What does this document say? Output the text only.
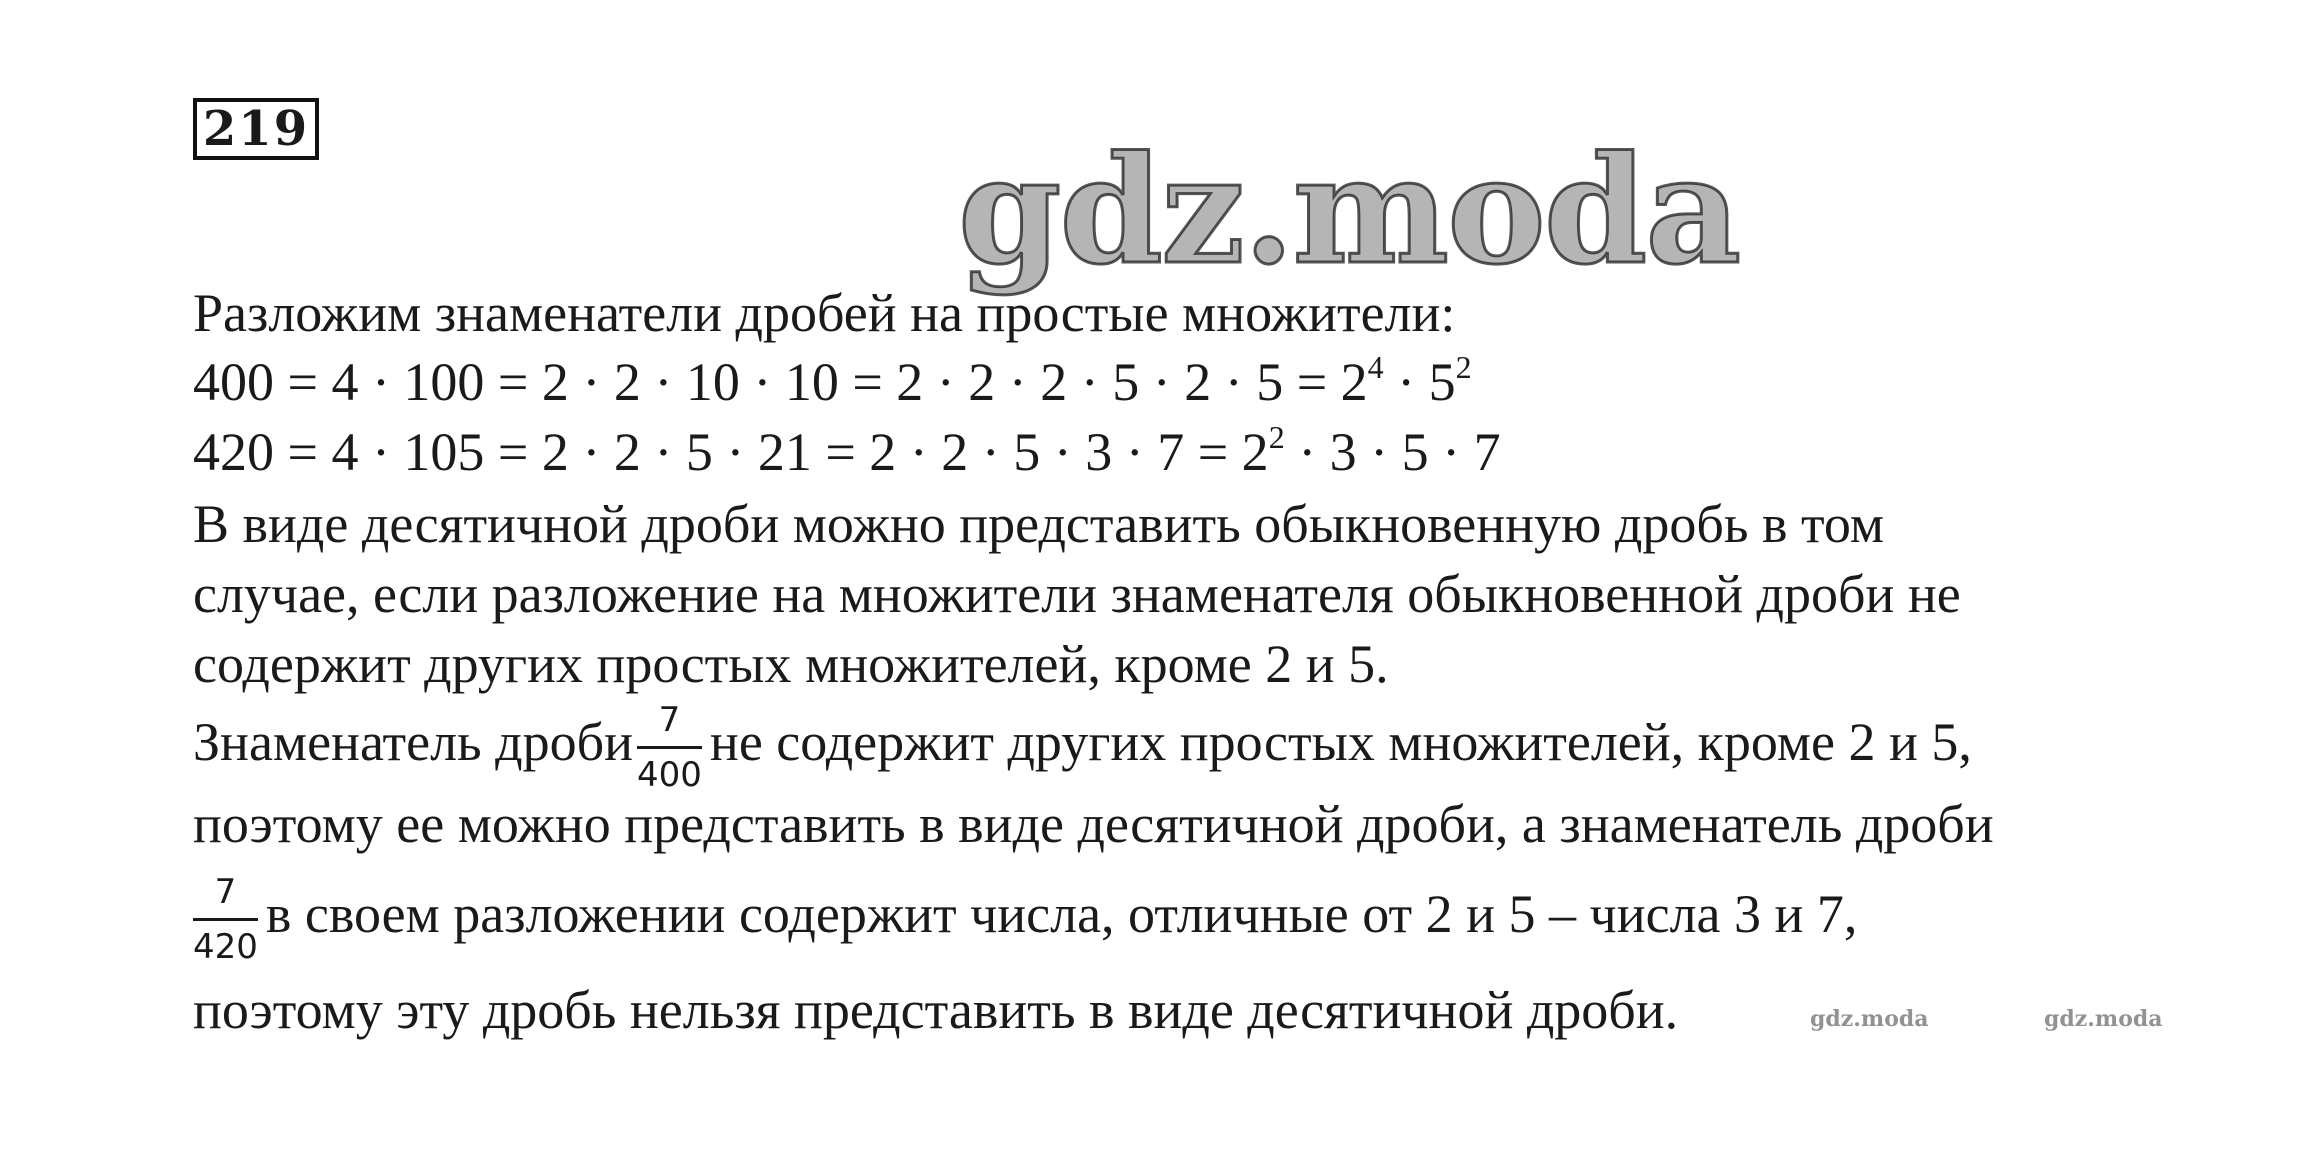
219	gdz.moda
Разложим знаменатели дробей на простые множители:
$400 = 4 \cdot 100 = 2 \cdot 2 \cdot 10 \cdot 10 = 2 \cdot 2 \cdot 2 \cdot 5 \cdot 2 \cdot 5 = 2^4 \cdot 5^2$
$420 = 4 \cdot 105 = 2 \cdot 2 \cdot 5 \cdot 21 = 2 \cdot 2 \cdot 5 \cdot 3 \cdot 7 = 2^2 \cdot 3 \cdot 5 \cdot 7$
В виде десятичной дроби можно представить обыкновенную дробь в том
случае, если разложение на множители знаменателя обыкновенной дроби не
содержит других простых множителей, кроме 2 и 5.
Знаменатель дроби $\frac{7}{400}$ не содержит других простых множителей, кроме 2 и 5,
поэтому ее можно представить в виде десятичной дроби, а знаменатель дроби
$\frac{7}{420}$ в своем разложении содержит числа, отличные от 2 и 5 – числа 3 и 7,
поэтому эту дробь нельзя представить в виде десятичной дроби.	gdz.moda	gdz.moda
